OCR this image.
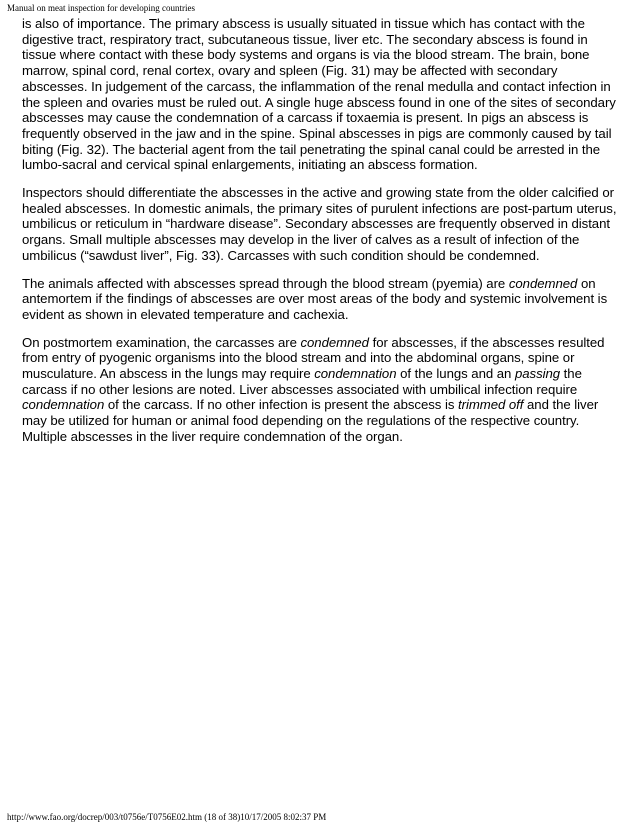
Manual on meat inspection for developing countries

is also of importance. The primary abscess is usually situated in tissue which has contact with the digestive tract, respiratory tract, subcutaneous tissue, liver etc. The secondary abscess is found in tissue where contact with these body systems and organs is via the blood stream. The brain, bone marrow, spinal cord, renal cortex, ovary and spleen (Fig. 31) may be affected with secondary abscesses. In judgement of the carcass, the inflammation of the renal medulla and contact infection in the spleen and ovaries must be ruled out. A single huge abscess found in one of the sites of secondary abscesses may cause the condemnation of a carcass if toxaemia is present. In pigs an abscess is frequently observed in the jaw and in the spine. Spinal abscesses in pigs are commonly caused by tail biting (Fig. 32). The bacterial agent from the tail penetrating the spinal canal could be arrested in the lumbo-sacral and cervical spinal enlargements, initiating an abscess formation.

Inspectors should differentiate the abscesses in the active and growing state from the older calcified or healed abscesses. In domestic animals, the primary sites of purulent infections are post-partum uterus, umbilicus or reticulum in “hardware disease”. Secondary abscesses are frequently observed in distant organs. Small multiple abscesses may develop in the liver of calves as a result of infection of the umbilicus (“sawdust liver”, Fig. 33). Carcasses with such condition should be condemned.

The animals affected with abscesses spread through the blood stream (pyemia) are condemned on antemortem if the findings of abscesses are over most areas of the body and systemic involvement is evident as shown in elevated temperature and cachexia.

On postmortem examination, the carcasses are condemned for abscesses, if the abscesses resulted from entry of pyogenic organisms into the blood stream and into the abdominal organs, spine or musculature. An abscess in the lungs may require condemnation of the lungs and an passing the carcass if no other lesions are noted. Liver abscesses associated with umbilical infection require condemnation of the carcass. If no other infection is present the abscess is trimmed off and the liver may be utilized for human or animal food depending on the regulations of the respective country. Multiple abscesses in the liver require condemnation of the organ.

http://www.fao.org/docrep/003/t0756e/T0756E02.htm (18 of 38)10/17/2005 8:02:37 PM
